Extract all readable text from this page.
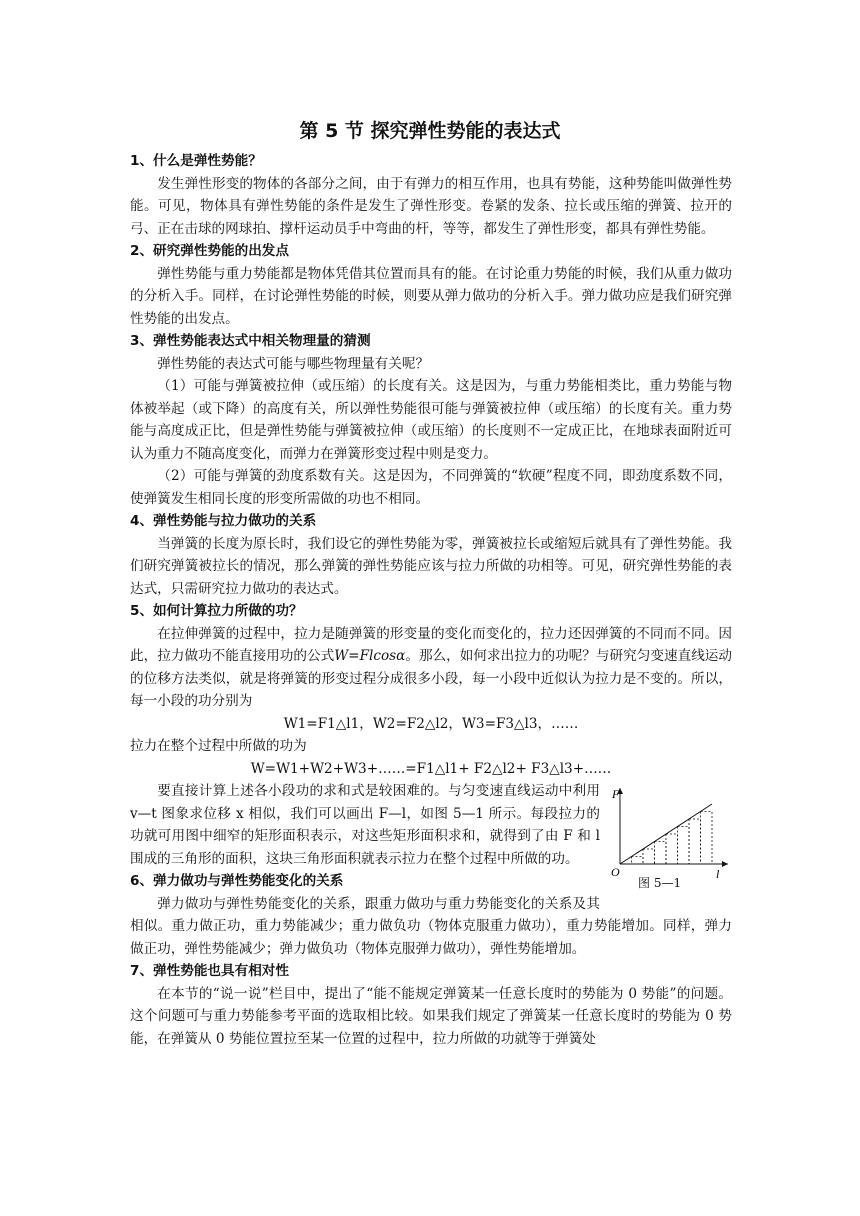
第 5 节 探究弹性势能的表达式
1、什么是弹性势能？

发生弹性形变的物体的各部分之间，由于有弹力的相互作用，也具有势能，这种势能叫做弹性势能。可见，物体具有弹性势能的条件是发生了弹性形变。卷紧的发条、拉长或压缩的弹簧、拉开的弓、正在击球的网球拍、撑杆运动员手中弯曲的杆，等等，都发生了弹性形变，都具有弹性势能。

2、研究弹性势能的出发点

弹性势能与重力势能都是物体凭借其位置而具有的能。在讨论重力势能的时候，我们从重力做功的分析入手。同样，在讨论弹性势能的时候，则要从弹力做功的分析入手。弹力做功应是我们研究弹性势能的出发点。

3、弹性势能表达式中相关物理量的猜测

弹性势能的表达式可能与哪些物理量有关呢？

（1）可能与弹簧被拉伸（或压缩）的长度有关。这是因为，与重力势能相类比，重力势能与物体被举起（或下降）的高度有关，所以弹性势能很可能与弹簧被拉伸（或压缩）的长度有关。重力势能与高度成正比，但是弹性势能与弹簧被拉伸（或压缩）的长度则不一定成正比，在地球表面附近可认为重力不随高度变化，而弹力在弹簧形变过程中则是变力。

（2）可能与弹簧的劲度系数有关。这是因为，不同弹簧的“软硬”程度不同，即劲度系数不同，使弹簧发生相同长度的形变所需做的功也不相同。

4、弹性势能与拉力做功的关系

当弹簧的长度为原长时，我们设它的弹性势能为零，弹簧被拉长或缩短后就具有了弹性势能。我们研究弹簧被拉长的情况，那么弹簧的弹性势能应该与拉力所做的功相等。可见，研究弹性势能的表达式，只需研究拉力做功的表达式。

5、如何计算拉力所做的功？

在拉伸弹簧的过程中，拉力是随弹簧的形变量的变化而变化的，拉力还因弹簧的不同而不同。因此，拉力做功不能直接用功的公式W=Flcosα。那么，如何求出拉力的功呢？与研究匀变速直线运动的位移方法类似，就是将弹簧的形变过程分成很多小段，每一小段中近似认为拉力是不变的。所以，每一小段的功分别为

W1=F1△l1，W2=F2△l2，W3=F3△l3，……

拉力在整个过程中所做的功为

W=W1+W2+W3+……=F1△l1+ F2△l2+ F3△l3+……

F
O	l
图 5—1

要直接计算上述各小段功的求和式是较困难的。与匀变速直线运动中利用 v—t 图象求位移 x 相似，我们可以画出 F—l，如图 5—1 所示。每段拉力的功就可用图中细窄的矩形面积表示，对这些矩形面积求和，就得到了由 F 和 l 围成的三角形的面积，这块三角形面积就表示拉力在整个过程中所做的功。

6、弹力做功与弹性势能变化的关系

弹力做功与弹性势能变化的关系，跟重力做功与重力势能变化的关系及其相似。重力做正功，重力势能减少；重力做负功（物体克服重力做功），重力势能增加。同样，弹力做正功，弹性势能减少；弹力做负功（物体克服弹力做功），弹性势能增加。

7、弹性势能也具有相对性

在本节的“说一说”栏目中，提出了“能不能规定弹簧某一任意长度时的势能为 0 势能”的问题。这个问题可与重力势能参考平面的选取相比较。如果我们规定了弹簧某一任意长度时的势能为 0 势能，在弹簧从 0 势能位置拉至某一位置的过程中，拉力所做的功就等于弹簧处
